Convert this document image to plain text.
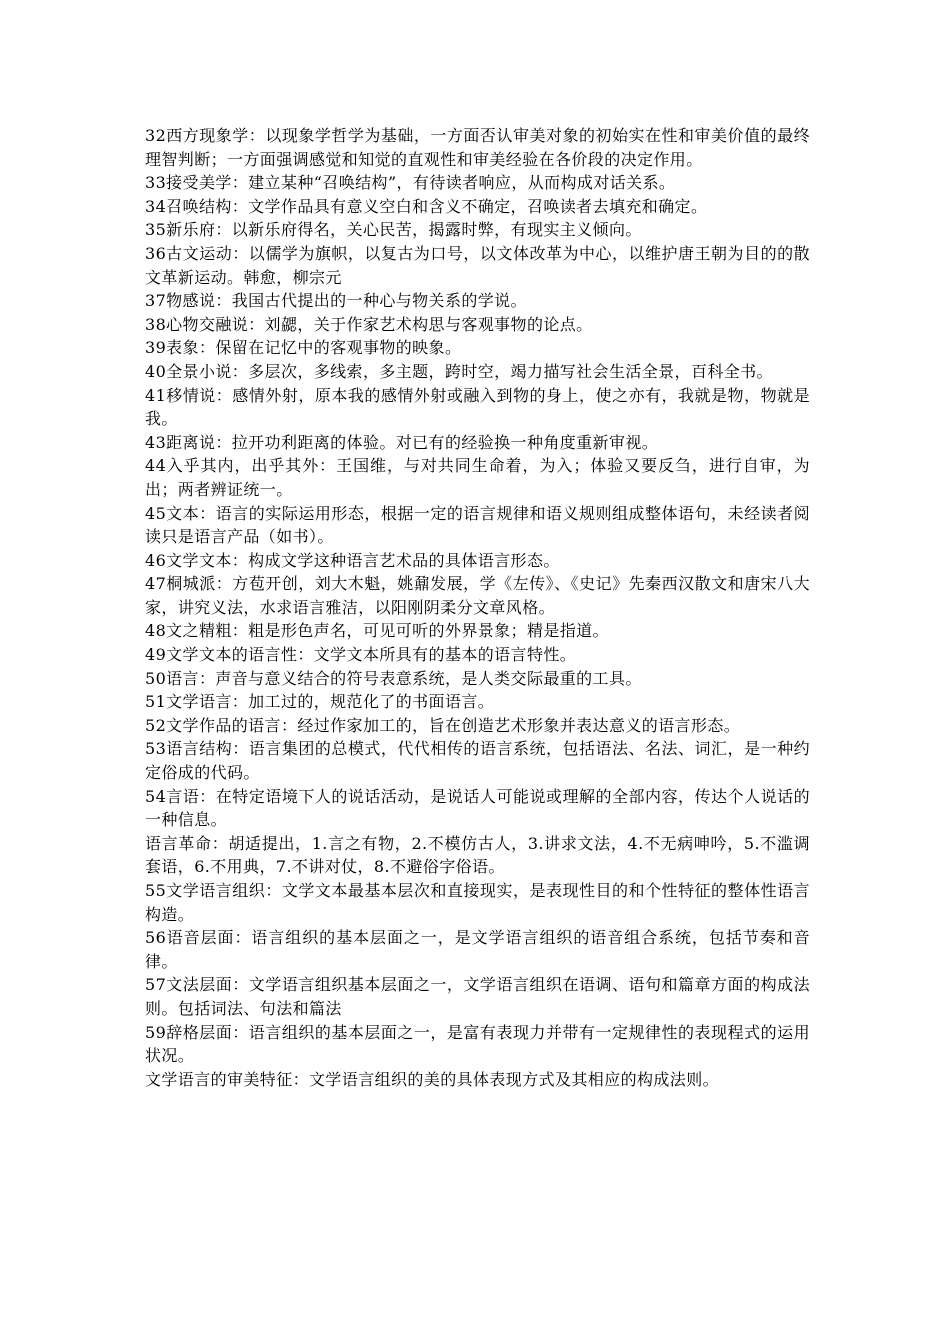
32西方现象学：以现象学哲学为基础，一方面否认审美对象的初始实在性和审美价值的最终理智判断；一方面强调感觉和知觉的直观性和审美经验在各价段的决定作用。

33接受美学：建立某种“召唤结构”，有待读者响应，从而构成对话关系。

34召唤结构：文学作品具有意义空白和含义不确定，召唤读者去填充和确定。

35新乐府：以新乐府得名，关心民苦，揭露时弊，有现实主义倾向。

36古文运动：以儒学为旗帜，以复古为口号，以文体改革为中心，以维护唐王朝为目的的散文革新运动。韩愈，柳宗元

37物感说：我国古代提出的一种心与物关系的学说。

38心物交融说：刘勰，关于作家艺术构思与客观事物的论点。

39表象：保留在记忆中的客观事物的映象。

40全景小说：多层次，多线索，多主题，跨时空，竭力描写社会生活全景，百科全书。

41移情说：感情外射，原本我的感情外射或融入到物的身上，使之亦有，我就是物，物就是我。

43距离说：拉开功利距离的体验。对已有的经验换一种角度重新审视。

44入乎其内，出乎其外：王国维，与对共同生命着，为入；体验又要反刍，进行自审，为出；两者辨证统一。

45文本：语言的实际运用形态，根据一定的语言规律和语义规则组成整体语句，未经读者阅读只是语言产品（如书）。

46文学文本：构成文学这种语言艺术品的具体语言形态。

47桐城派：方苞开创，刘大木魁，姚鼐发展，学《左传》、《史记》先秦西汉散文和唐宋八大家，讲究义法，水求语言雅洁，以阳刚阴柔分文章风格。

48文之精粗：粗是形色声名，可见可听的外界景象；精是指道。

49文学文本的语言性：文学文本所具有的基本的语言特性。

50语言：声音与意义结合的符号表意系统，是人类交际最重的工具。

51文学语言：加工过的，规范化了的书面语言。

52文学作品的语言：经过作家加工的，旨在创造艺术形象并表达意义的语言形态。

53语言结构：语言集团的总模式，代代相传的语言系统，包括语法、名法、词汇，是一种约定俗成的代码。

54言语：在特定语境下人的说话活动，是说话人可能说或理解的全部内容，传达个人说话的一种信息。

语言革命：胡适提出，1.言之有物，2.不模仿古人，3.讲求文法，4.不无病呻吟，5.不滥调套语，6.不用典，7.不讲对仗，8.不避俗字俗语。

55文学语言组织：文学文本最基本层次和直接现实，是表现性目的和个性特征的整体性语言构造。

56语音层面：语言组织的基本层面之一，是文学语言组织的语音组合系统，包括节奏和音律。

57文法层面：文学语言组织基本层面之一，文学语言组织在语调、语句和篇章方面的构成法则。包括词法、句法和篇法

59辞格层面：语言组织的基本层面之一，是富有表现力并带有一定规律性的表现程式的运用状况。

文学语言的审美特征：文学语言组织的美的具体表现方式及其相应的构成法则。
